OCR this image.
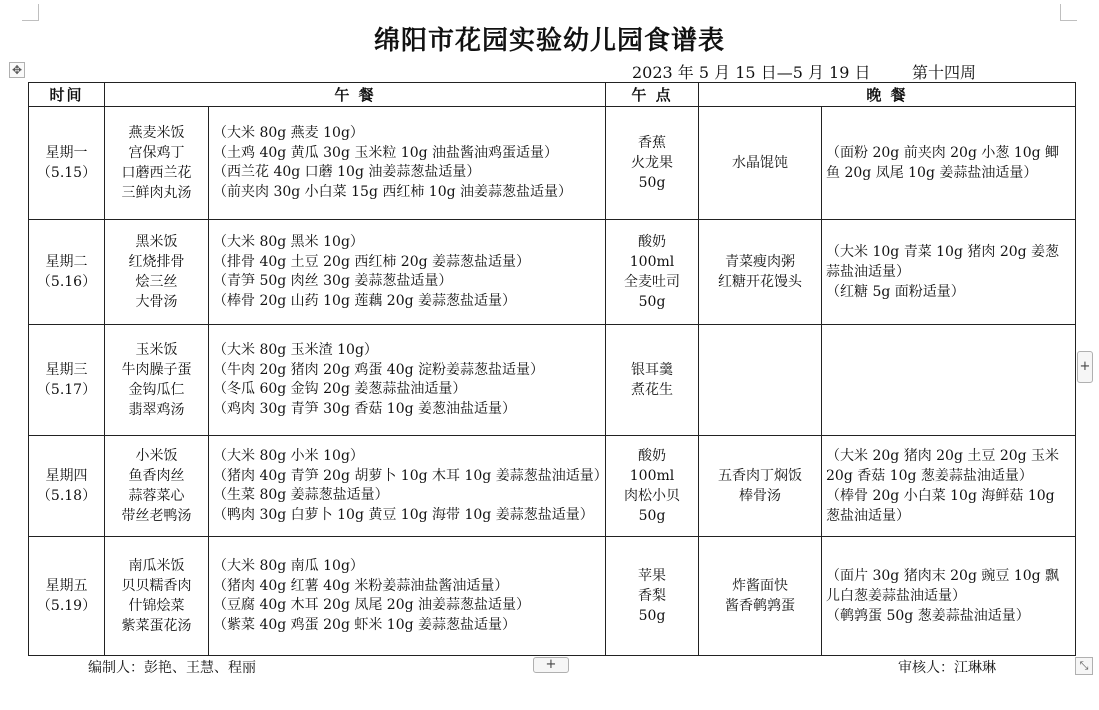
✥
绵阳市花园实验幼儿园食谱表
2023 年 5 月 15 日—5 月 19 日	第十四周
时间	午 餐		午 点	晚 餐	

星期一
（5.15）	燕麦米饭
宫保鸡丁
口蘑西兰花
三鲜肉丸汤	（大米 80g 燕麦 10g）
（土鸡 40g 黄瓜 30g 玉米粒 10g 油盐酱油鸡蛋适量）
（西兰花 40g 口蘑 10g 油姜蒜葱盐适量）
（前夹肉 30g 小白菜 15g 西红柿 10g 油姜蒜葱盐适量）	香蕉
火龙果
50g	水晶馄饨	（面粉 20g 前夹肉 20g 小葱 10g 鲫鱼 20g 凤尾 10g 姜蒜盐油适量）

星期二
（5.16）	黑米饭
红烧排骨
烩三丝
大骨汤	（大米 80g 黑米 10g）
（排骨 40g 土豆 20g 西红柿 20g 姜蒜葱盐适量）
（青笋 50g 肉丝 30g 姜蒜葱盐适量）
（棒骨 20g 山药 10g 莲藕 20g 姜蒜葱盐适量）	酸奶
100ml
全麦吐司
50g	青菜瘦肉粥
红糖开花馒头	（大米 10g 青菜 10g 猪肉 20g 姜葱蒜盐油适量）
（红糖 5g 面粉适量）

星期三
（5.17）	玉米饭
牛肉臊子蛋
金钩瓜仁
翡翠鸡汤	（大米 80g 玉米渣 10g）
（牛肉 20g 猪肉 20g 鸡蛋 40g 淀粉姜蒜葱盐适量）
（冬瓜 60g 金钩 20g 姜葱蒜盐油适量）
（鸡肉 30g 青笋 30g 香菇 10g 姜葱油盐适量）	银耳羹
煮花生		

星期四
（5.18）	小米饭
鱼香肉丝
蒜蓉菜心
带丝老鸭汤	（大米 80g 小米 10g）
（猪肉 40g 青笋 20g 胡萝卜 10g 木耳 10g 姜蒜葱盐油适量）
（生菜 80g 姜蒜葱盐适量）
（鸭肉 30g 白萝卜 10g 黄豆 10g 海带 10g 姜蒜葱盐适量）	酸奶
100ml
肉松小贝
50g	五香肉丁焖饭
棒骨汤	（大米 20g 猪肉 20g 土豆 20g 玉米 20g 香菇 10g 葱姜蒜盐油适量）
（棒骨 20g 小白菜 10g 海鲜菇 10g 葱盐油适量）

星期五
（5.19）	南瓜米饭
贝贝糯香肉
什锦烩菜
紫菜蛋花汤	（大米 80g 南瓜 10g）
（猪肉 40g 红薯 40g 米粉姜蒜油盐酱油适量）
（豆腐 40g 木耳 20g 凤尾 20g 油姜蒜葱盐适量）
（紫菜 40g 鸡蛋 20g 虾米 10g 姜蒜葱盐适量）	苹果
香梨
50g	炸酱面快
酱香鹌鹑蛋	（面片 30g 猪肉末 20g 豌豆 10g 飘儿白葱姜蒜盐油适量）
（鹌鹑蛋 50g 葱姜蒜盐油适量）
编制人：彭艳、王慧、程丽	+	审核人：江琳琳
+
⤡
